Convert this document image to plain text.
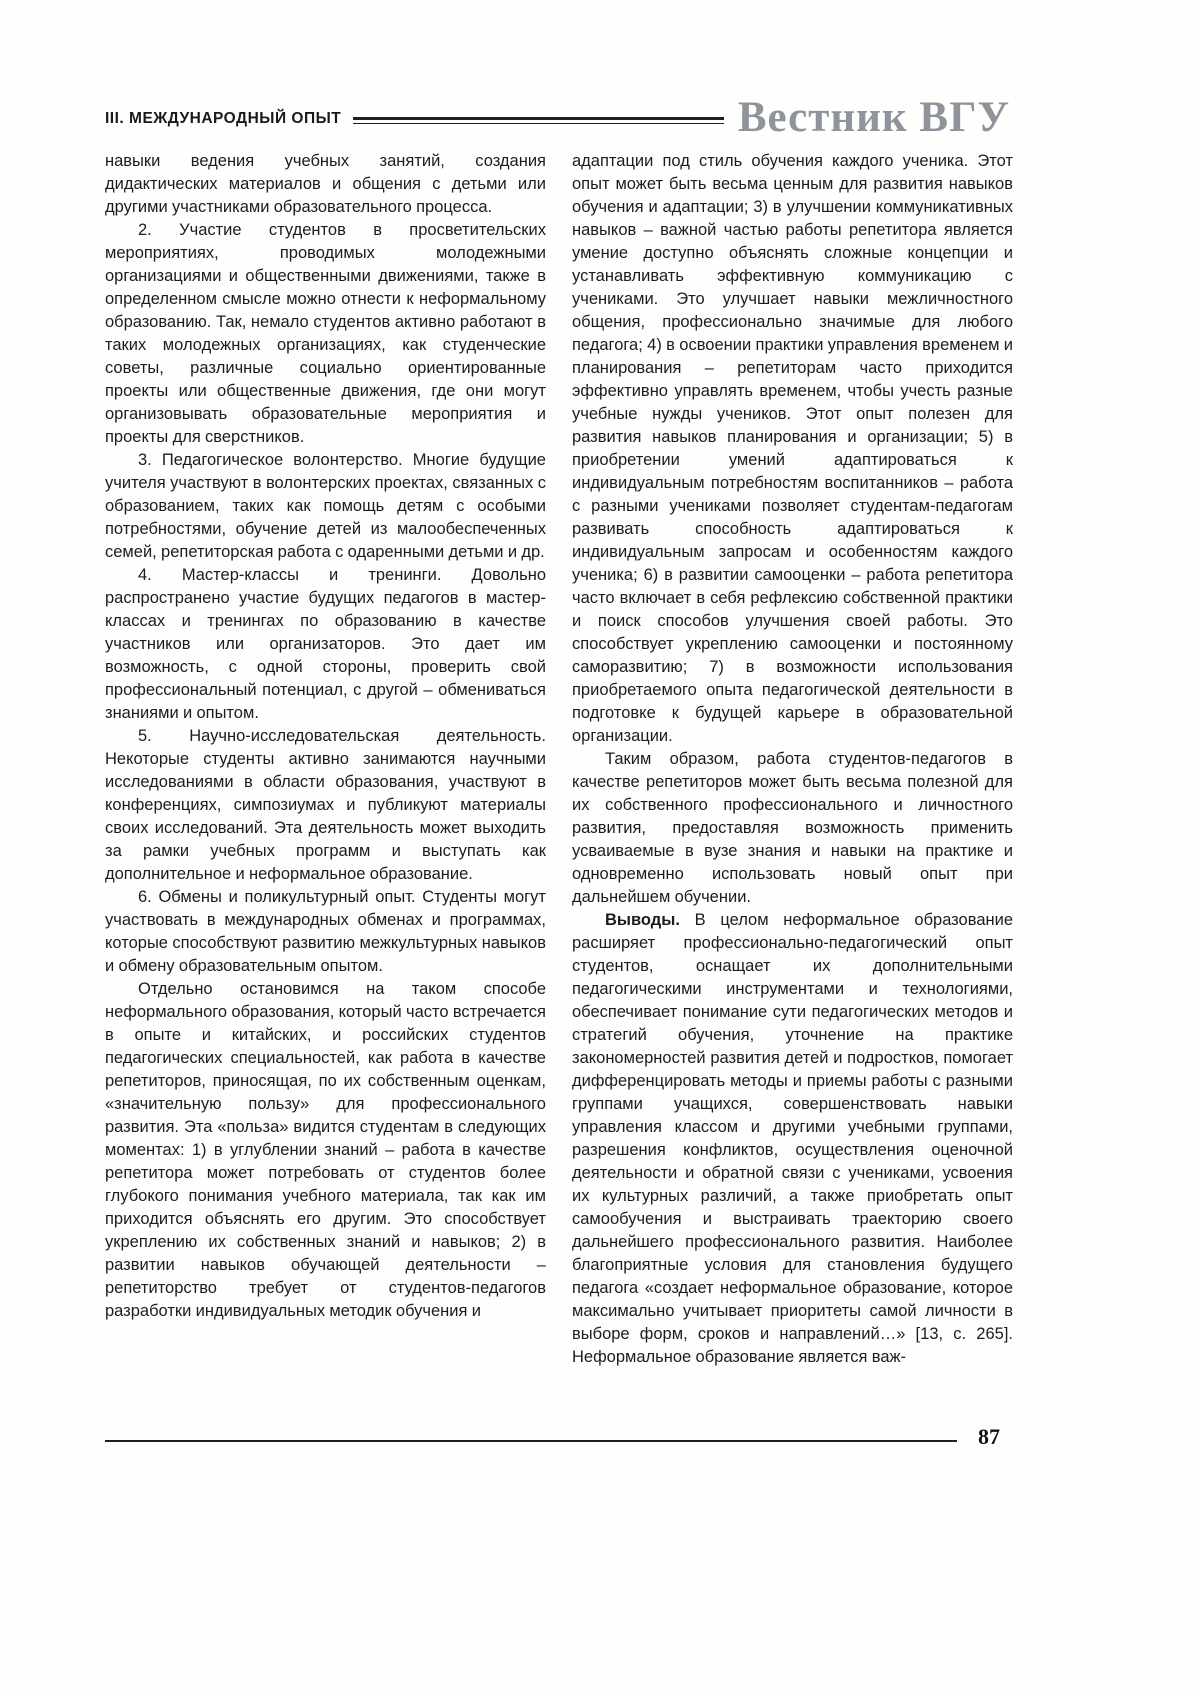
III. МЕЖДУНАРОДНЫЙ ОПЫТ	Вестник ВГУ

навыки ведения учебных занятий, создания дидактических материалов и общения с детьми или другими участниками образовательного процесса.

2. Участие студентов в просветительских мероприятиях, проводимых молодежными организациями и общественными движениями, также в определенном смысле можно отнести к неформальному образованию. Так, немало студентов активно работают в таких молодежных организациях, как студенческие советы, различные социально ориентированные проекты или общественные движения, где они могут организовывать образовательные мероприятия и проекты для сверстников.

3. Педагогическое волонтерство. Многие будущие учителя участвуют в волонтерских проектах, связанных с образованием, таких как помощь детям с особыми потребностями, обучение детей из малообеспеченных семей, репетиторская работа с одаренными детьми и др.

4. Мастер-классы и тренинги. Довольно распространено участие будущих педагогов в мастер-классах и тренингах по образованию в качестве участников или организаторов. Это дает им возможность, с одной стороны, проверить свой профессиональный потенциал, с другой – обмениваться знаниями и опытом.

5. Научно-исследовательская деятельность. Некоторые студенты активно занимаются научными исследованиями в области образования, участвуют в конференциях, симпозиумах и публикуют материалы своих исследований. Эта деятельность может выходить за рамки учебных программ и выступать как дополнительное и неформальное образование.

6. Обмены и поликультурный опыт. Студенты могут участвовать в международных обменах и программах, которые способствуют развитию межкультурных навыков и обмену образовательным опытом.

Отдельно остановимся на таком способе неформального образования, который часто встречается в опыте и китайских, и российских студентов педагогических специальностей, как работа в качестве репетиторов, приносящая, по их собственным оценкам, «значительную пользу» для профессионального развития. Эта «польза» видится студентам в следующих моментах: 1) в углублении знаний – работа в качестве репетитора может потребовать от студентов более глубокого понимания учебного материала, так как им приходится объяснять его другим. Это способствует укреплению их собственных знаний и навыков; 2) в развитии навыков обучающей деятельности – репетиторство требует от студентов-педагогов разработки индивидуальных методик обучения и

адаптации под стиль обучения каждого ученика. Этот опыт может быть весьма ценным для развития навыков обучения и адаптации; 3) в улучшении коммуникативных навыков – важной частью работы репетитора является умение доступно объяснять сложные концепции и устанавливать эффективную коммуникацию с учениками. Это улучшает навыки межличностного общения, профессионально значимые для любого педагога; 4) в освоении практики управления временем и планирования – репетиторам часто приходится эффективно управлять временем, чтобы учесть разные учебные нужды учеников. Этот опыт полезен для развития навыков планирования и организации; 5) в приобретении умений адаптироваться к индивидуальным потребностям воспитанников – работа с разными учениками позволяет студентам-педагогам развивать способность адаптироваться к индивидуальным запросам и особенностям каждого ученика; 6) в развитии самооценки – работа репетитора часто включает в себя рефлексию собственной практики и поиск способов улучшения своей работы. Это способствует укреплению самооценки и постоянному саморазвитию; 7) в возможности использования приобретаемого опыта педагогической деятельности в подготовке к будущей карьере в образовательной организации.

Таким образом, работа студентов-педагогов в качестве репетиторов может быть весьма полезной для их собственного профессионального и личностного развития, предоставляя возможность применить усваиваемые в вузе знания и навыки на практике и одновременно использовать новый опыт при дальнейшем обучении.

Выводы. В целом неформальное образование расширяет профессионально-педагогический опыт студентов, оснащает их дополнительными педагогическими инструментами и технологиями, обеспечивает понимание сути педагогических методов и стратегий обучения, уточнение на практике закономерностей развития детей и подростков, помогает дифференцировать методы и приемы работы с разными группами учащихся, совершенствовать навыки управления классом и другими учебными группами, разрешения конфликтов, осуществления оценочной деятельности и обратной связи с учениками, усвоения их культурных различий, а также приобретать опыт самообучения и выстраивать траекторию своего дальнейшего профессионального развития. Наиболее благоприятные условия для становления будущего педагога «создает неформальное образование, которое максимально учитывает приоритеты самой личности в выборе форм, сроков и направлений…» [13, с. 265]. Неформальное образование является важ-

87
